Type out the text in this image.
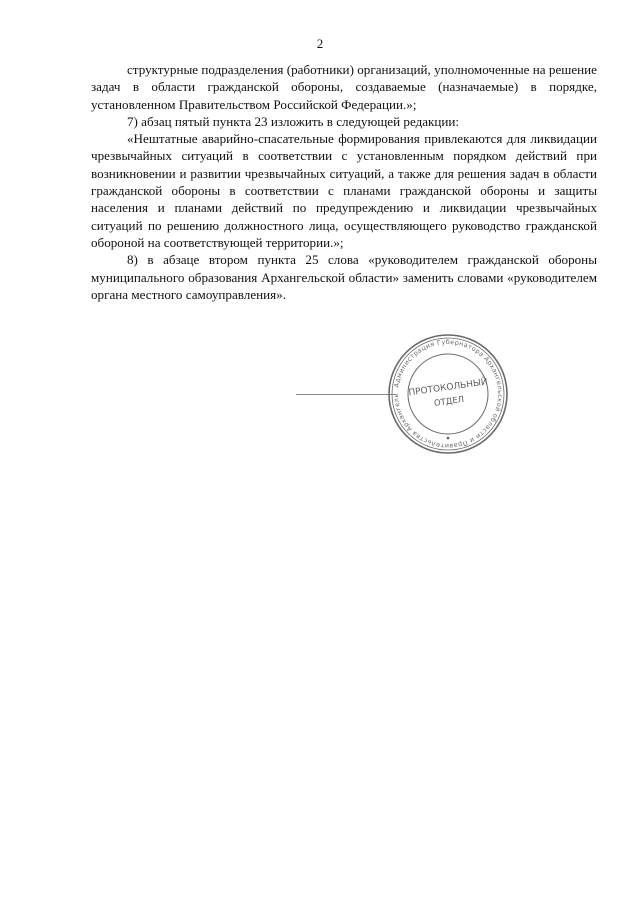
2

структурные подразделения (работники) организаций, уполномоченные на решение задач в области гражданской обороны, создаваемые (назначаемые) в порядке, установленном Правительством Российской Федерации.»;

7) абзац пятый пункта 23 изложить в следующей редакции:

«Нештатные аварийно-спасательные формирования привлекаются для ликвидации чрезвычайных ситуаций в соответствии с установленным порядком действий при возникновении и развитии чрезвычайных ситуаций, а также для решения задач в области гражданской обороны в соответствии с планами гражданской обороны и защиты населения и планами действий по предупреждению и ликвидации чрезвычайных ситуаций по решению должностного лица, осуществляющего руководство гражданской обороной на соответствующей территории.»;

8) в абзаце втором пункта 25 слова «руководителем гражданской обороны муниципального образования Архангельской области» заменить словами «руководителем органа местного самоуправления».

Администрация Губернатора Архангельской области и Правительства Архангель ПРОТОКОЛЬНЫЙ
ОТДЕЛ
